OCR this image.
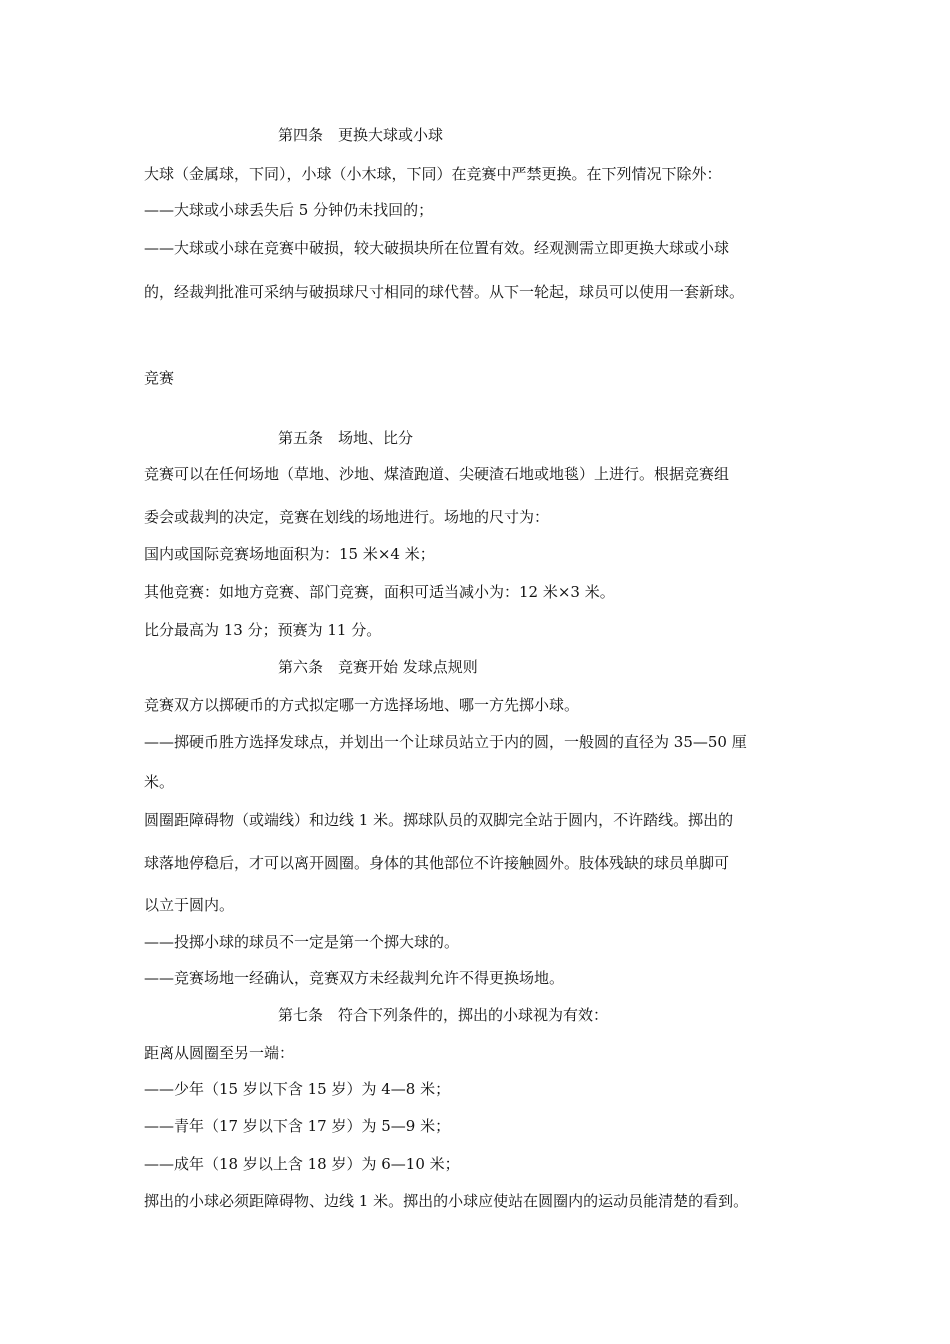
第四条　更换大球或小球
大球（金属球，下同），小球（小木球，下同）在竞赛中严禁更换。在下列情况下除外：
——大球或小球丢失后 5 分钟仍未找回的；
——大球或小球在竞赛中破损，较大破损块所在位置有效。经观测需立即更换大球或小球
的，经裁判批准可采纳与破损球尺寸相同的球代替。从下一轮起，球员可以使用一套新球。
竞赛
第五条　场地、比分
竞赛可以在任何场地（草地、沙地、煤渣跑道、尖硬渣石地或地毯）上进行。根据竞赛组
委会或裁判的决定，竞赛在划线的场地进行。场地的尺寸为：
国内或国际竞赛场地面积为：15 米×4 米；
其他竞赛：如地方竞赛、部门竞赛，面积可适当减小为：12 米×3 米。
比分最高为 13 分；预赛为 11 分。
第六条　竞赛开始 发球点规则
竞赛双方以掷硬币的方式拟定哪一方选择场地、哪一方先掷小球。
——掷硬币胜方选择发球点，并划出一个让球员站立于内的圆，一般圆的直径为 35—50 厘
米。
圆圈距障碍物（或端线）和边线 1 米。掷球队员的双脚完全站于圆内，不许踏线。掷出的
球落地停稳后，才可以离开圆圈。身体的其他部位不许接触圆外。肢体残缺的球员单脚可
以立于圆内。
——投掷小球的球员不一定是第一个掷大球的。
——竞赛场地一经确认，竞赛双方未经裁判允许不得更换场地。
第七条　符合下列条件的，掷出的小球视为有效：
距离从圆圈至另一端：
——少年（15 岁以下含 15 岁）为 4—8 米；
——青年（17 岁以下含 17 岁）为 5—9 米；
——成年（18 岁以上含 18 岁）为 6—10 米；
掷出的小球必须距障碍物、边线 1 米。掷出的小球应使站在圆圈内的运动员能清楚的看到。
